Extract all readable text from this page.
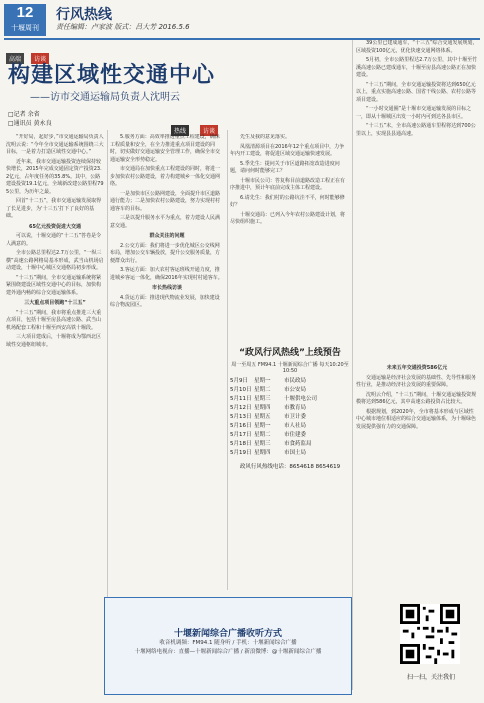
12
十堰周刊
行风热线
责任编辑：卢家波 版式：吕大芳 2016.5.6
高端 访谈
构建区域性交通中心
——访市交通运输局负责人沈明云
□记者 余省
□通讯员 黄永良
热线	访谈
“开好局，起好步，”市交通运输局负责人沈明云说：“今年全市交通运输系统围绕三大目标，一是着力打造区域性交通中心。”
近年来，我市交通运输投资连续保持较快增长，2015年完成交通固定资产投资23.2亿元，占年度任务的35.8%。其中，公路建设投资19.1亿元，全域新改建公路里程795公里，为历年之最。
回首“十二五”，我市交通运输发展取得了长足进步，为‘十三五’打下了良好的基础。
65亿元投资促进大交通
可以说，十堰交通的“十二五”答卷是令人满意的。
全市公路总里程达2.7万公里，“一纵三横”高速公路网格局基本形成，武当山机场启动建设，十堰中心城区交通格局初步形成。
“十三五”期间，全市交通运输系统将紧紧围绕建设区域性交通中心的目标，加快构建外通内畅的综合交通运输体系。
三大重点项目领跑“十三五”
“十三五”期间，我市将重点推进三大重点项目，包括十堰至房县高速公路、武当山机场配套工程和十堰至西安高铁十堰段。
三大项目建成后，十堰将成为鄂西北区域性交通枢纽城市。
5.服务方面：高效率推进重点工程建设，确保工程质量和安全，在全力推进重点项目建设的同时，切实做好交通运输安全管理工作，确保全市交通运输安全形势稳定。
市交通局在加快重点工程建设的同时，将进一步加快农村公路建设，着力构建城乡一体化交通网络。
一是加快市区公路网建设，全面提升市区道路通行能力；二是加快农村公路建设，努力实现村村通客车的目标。
三是以提升服务水平为重点，着力建设人民满意交通。
群众关注的问题
2.公交方面：我们将进一步优化城区公交线网布局，增加公交车辆投放，提升公交服务质量，方便群众出行。
3.客运方面：加大农村客运班线开通力度，推进城乡客运一体化，确保2016年实现村村通客车。
市长热线访谈
4.货运方面：推进现代物流业发展，加快建设综合物流园区。
先生及我的意见落实。
凤凰清源项目在2016年12个重点项目中，力争年内开工建设，将促进区域交通运输快速发展。
5.季先生：提问关于市区道路拓宽改造进度问题，请问何时能够完工？
十堰市民公司：答复称目前道路改造工程正在有序推进中，预计年底前完成主体工程建设。
6.请先生：我们村的公路坑洼不平，何时能够修好？
十堰交通局：已列入今年农村公路建设计划，将尽快组织施工。
“政风行风热线”上线预告
周一至周五 FM94.1 十堰新闻综合广播 每天10:20至10:50
5月9日	星期一	市民政局
5月10日 星期二	市公安局
5月11日 星期三	十堰供电公司
5月12日 星期四	市教育局
5月13日 星期五	市卫计委
5月16日 星期一	市人社局
5月17日 星期二	市住建委
5月18日 星期三	市食药监局
5月19日 星期四	市国土局
政风行风热线电话：8654618 8654619
39公里已建成通车，“十三五”综合交通发展规划，区域投资100亿元，优化快速交通网络体系。
5月初，全市公路里程达2.7万公里，其中十堰至竹溪高速公路已建成通车，十堰至房县高速公路正在加快建设。
“十三五”期间，全市交通运输投资将达到650亿元以上，重点实施高速公路、国省干线公路、农村公路等项目建设。
“一小时交通圈”是十堰市交通运输发展的目标之一，即从十堰城区出发一小时内可到达各县市区。
“十三五”末，全市高速公路通车里程将达到700公里以上，实现县县通高速。
未来五年交通投资586亿元
交通运输是经济社会发展的基础性、先导性和服务性行业，是推动经济社会发展的重要保障。
沈明云介绍，“十三五”期间，十堰交通运输投资规模将达到586亿元，其中高速公路投资占比较大。
根据规划，到2020年，全市将基本形成与区域性中心城市地位相适应的综合交通运输体系，为十堰绿色发展提供强有力的交通保障。
十堰新闻综合广播收听方式
收音机调频：FM94.1 随身听 / 手机：十堰新闻综合广播
十堰网络电视台：直播—十堰新闻综合广播 / 新浪微博：@十堰新闻综合广播
扫一扫，关注我们
